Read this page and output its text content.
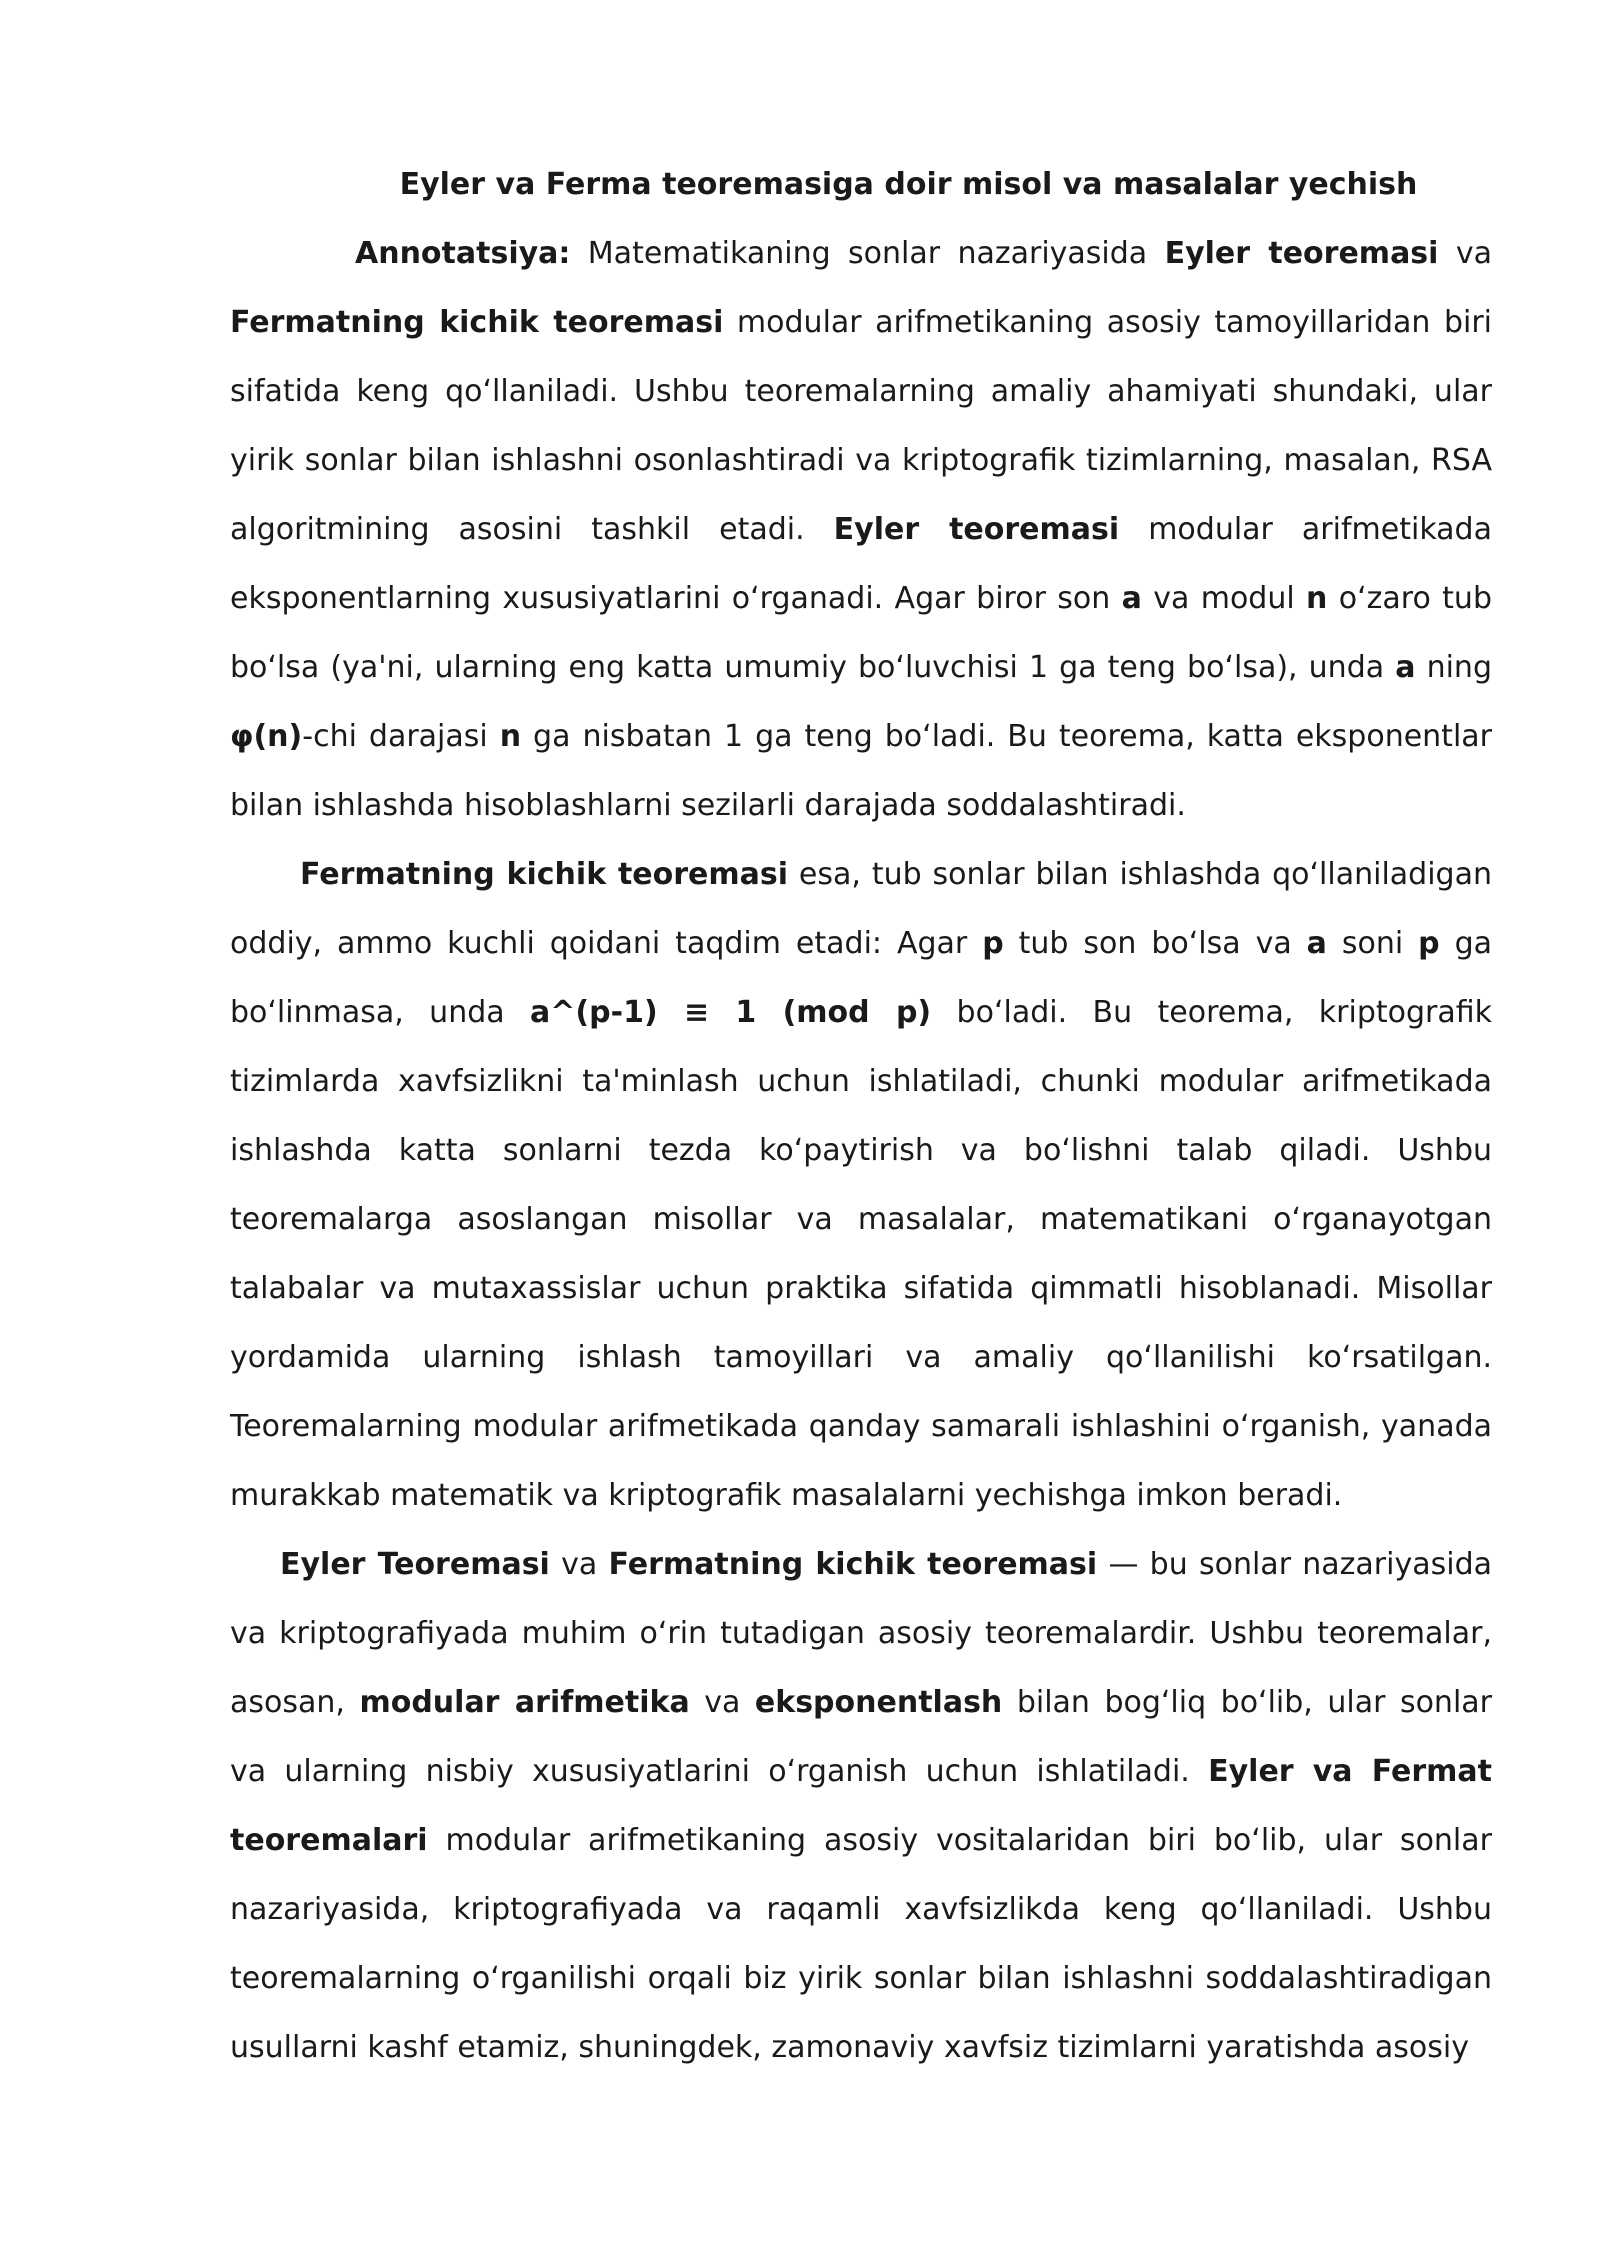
Eyler va Ferma teoremasiga doir misol va masalalar yechish

Annotatsiya: Matematikaning sonlar nazariyasida Eyler teoremasi va Fermatning kichik teoremasi modular arifmetikaning asosiy tamoyillaridan biri sifatida keng qoʻllaniladi. Ushbu teoremalarning amaliy ahamiyati shundaki, ular yirik sonlar bilan ishlashni osonlashtiradi va kriptografik tizimlarning, masalan, RSA algoritmining asosini tashkil etadi. Eyler teoremasi modular arifmetikada eksponentlarning xususiyatlarini oʻrganadi. Agar biror son a va modul n oʻzaro tub boʻlsa (ya'ni, ularning eng katta umumiy boʻluvchisi 1 ga teng boʻlsa), unda a ning φ(n)-chi darajasi n ga nisbatan 1 ga teng boʻladi. Bu teorema, katta eksponentlar bilan ishlashda hisoblashlarni sezilarli darajada soddalashtiradi.

Fermatning kichik teoremasi esa, tub sonlar bilan ishlashda qoʻllaniladigan oddiy, ammo kuchli qoidani taqdim etadi: Agar p tub son boʻlsa va a soni p ga boʻlinmasa, unda a^(p-1) ≡ 1 (mod p) boʻladi. Bu teorema, kriptografik tizimlarda xavfsizlikni ta'minlash uchun ishlatiladi, chunki modular arifmetikada ishlashda katta sonlarni tezda koʻpaytirish va boʻlishni talab qiladi. Ushbu teoremalarga asoslangan misollar va masalalar, matematikani oʻrganayotgan talabalar va mutaxassislar uchun praktika sifatida qimmatli hisoblanadi. Misollar yordamida ularning ishlash tamoyillari va amaliy qoʻllanilishi koʻrsatilgan. Teoremalarning modular arifmetikada qanday samarali ishlashini oʻrganish, yanada murakkab matematik va kriptografik masalalarni yechishga imkon beradi.

Eyler Teoremasi va Fermatning kichik teoremasi — bu sonlar nazariyasida va kriptografiyada muhim oʻrin tutadigan asosiy teoremalardir. Ushbu teoremalar, asosan, modular arifmetika va eksponentlash bilan bogʻliq boʻlib, ular sonlar va ularning nisbiy xususiyatlarini oʻrganish uchun ishlatiladi. Eyler va Fermat teoremalari modular arifmetikaning asosiy vositalaridan biri boʻlib, ular sonlar nazariyasida, kriptografiyada va raqamli xavfsizlikda keng qoʻllaniladi. Ushbu teoremalarning oʻrganilishi orqali biz yirik sonlar bilan ishlashni soddalashtiradigan usullarni kashf etamiz, shuningdek, zamonaviy xavfsiz tizimlarni yaratishda asosiy
